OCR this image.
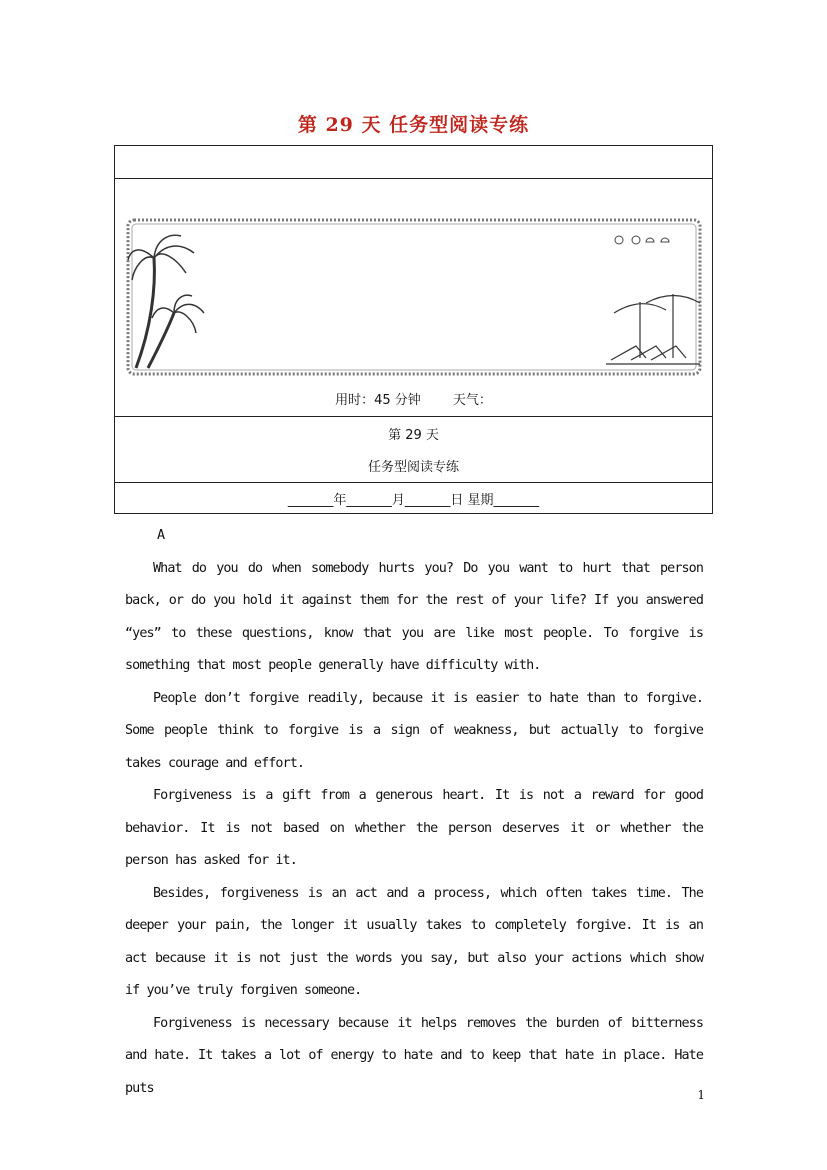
第 29 天 任务型阅读专练
用时：45 分钟 天气：
第 29 天
任务型阅读专练
_______年_______月_______日 星期_______

A

What do you do when somebody hurts you? Do you want to hurt that person back, or do you hold it against them for the rest of your life? If you answered “yes” to these questions, know that you are like most people. To forgive is something that most people generally have difficulty with.

People don’t forgive readily, because it is easier to hate than to forgive. Some people think to forgive is a sign of weakness, but actually to forgive takes courage and effort.

Forgiveness is a gift from a generous heart. It is not a reward for good behavior. It is not based on whether the person deserves it or whether the person has asked for it.

Besides, forgiveness is an act and a process, which often takes time. The deeper your pain, the longer it usually takes to completely forgive. It is an act because it is not just the words you say, but also your actions which show if you’ve truly forgiven someone.

Forgiveness is necessary because it helps removes the burden of bitterness and hate. It takes a lot of energy to hate and to keep that hate in place. Hate puts	1
